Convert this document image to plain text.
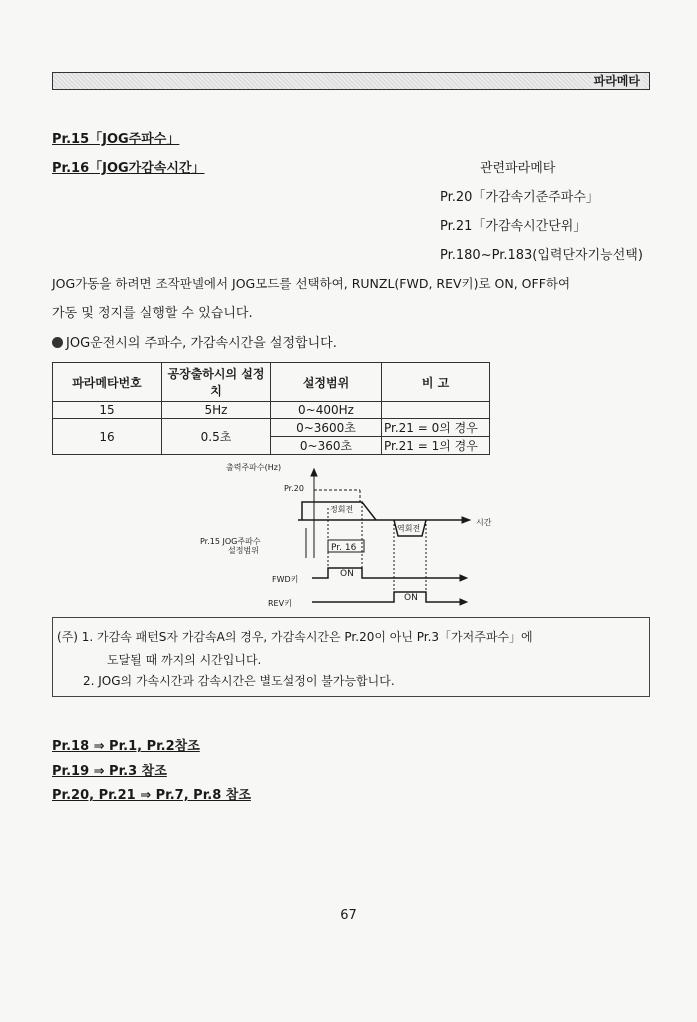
파라메타
Pr.15「JOG주파수」
Pr.16「JOG가감속시간」	관련파라메타
Pr.20「가감속기준주파수」
Pr.21「가감속시간단위」
Pr.180~Pr.183(입력단자기능선택)
JOG가동을 하려면 조작판넬에서 JOG모드를 선택하여, RUNZL(FWD, REV키)로 ON, OFF하여
가동 및 정지를 실행할 수 있습니다.
JOG운전시의 주파수, 가감속시간을 설정합니다.
파라메타번호	공장출하시의 설정치	설정범위	비 고
15	5Hz	0~400Hz	
16	0.5초	0~3600초	Pr.21 = 0의 경우
		0~360초	Pr.21 = 1의 경우
출력주파수(Hz)
Pr.20
정회전
역회전
시간
Pr.15 JOG주파수
설정범위
FWD키
REV키
Pr. 16
ON
ON
(주) 1. 가감속 패턴S자 가감속A의 경우, 가감속시간은 Pr.20이 아닌 Pr.3「가저주파수」에
도달될 때 까지의 시간입니다.
2. JOG의 가속시간과 감속시간은 별도설정이 불가능합니다.
Pr.18 ⇒ Pr.1, Pr.2참조
Pr.19 ⇒ Pr.3 참조
Pr.20, Pr.21 ⇒ Pr.7, Pr.8 참조
67
